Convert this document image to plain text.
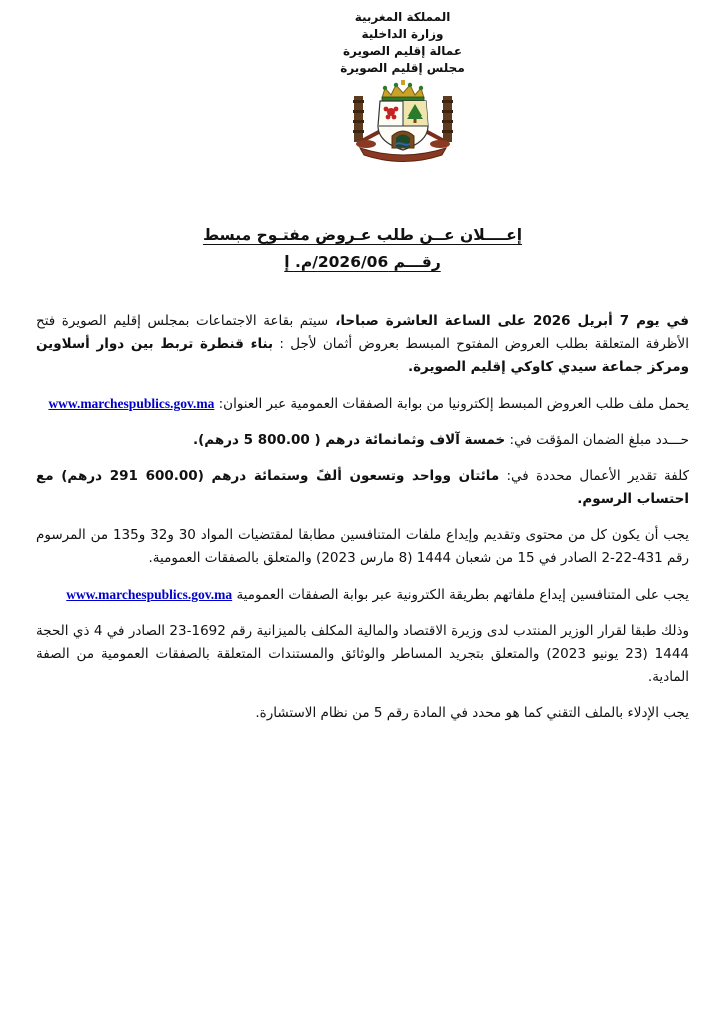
المملكة المغربية
وزارة الداخلية
عمالة إقليم الصويرة
مجلس إقليم الصويرة
إعــــلان عــن طلب عـروض مفتـوح مبسط
رقـــم 2026/06/م. إ

في يوم 7 أبريل 2026 على الساعة العاشرة صباحا، سيتم بقاعة الاجتماعات بمجلس إقليم الصويرة فتح الأظرفة المتعلقة بطلب العروض المفتوح المبسط بعروض أثمان لأجل : بناء قنطرة تربط بين دوار أسلاوين ومركز جماعة سيدي كاوكي إقليم الصويرة.

يحمل ملف طلب العروض المبسط إلكترونيا من بوابة الصفقات العمومية عبر العنوان: www.marchespublics.gov.ma

حـــدد مبلغ الضمان المؤقت في: خمسة آلاف وثمانمائة درهم ( 5 800.00 درهم).

كلفة تقدير الأعمال محددة في: مائتان وواحد وتسعون ألفً وستمائة درهم (291 600.00 درهم) مع احتساب الرسوم.

يجب أن يكون كل من محتوى وتقديم وإيداع ملفات المتنافسين مطابقا لمقتضيات المواد 30 و32 و135 من المرسوم رقم 431-22-2 الصادر في 15 من شعبان 1444 (8 مارس 2023) والمتعلق بالصفقات العمومية.

يجب على المتنافسين إيداع ملفاتهم بطريقة الكترونية عبر بوابة الصفقات العمومية www.marchespublics.gov.ma

وذلك طبقا لقرار الوزير المنتدب لدى وزيرة الاقتصاد والمالية المكلف بالميزانية رقم 1692-23 الصادر في 4 ذي الحجة 1444 (23 يونيو 2023) والمتعلق بتجريد المساطر والوثائق والمستندات المتعلقة بالصفقات العمومية من الصفة المادية.

يجب الإدلاء بالملف التقني كما هو محدد في المادة رقم 5 من نظام الاستشارة.
